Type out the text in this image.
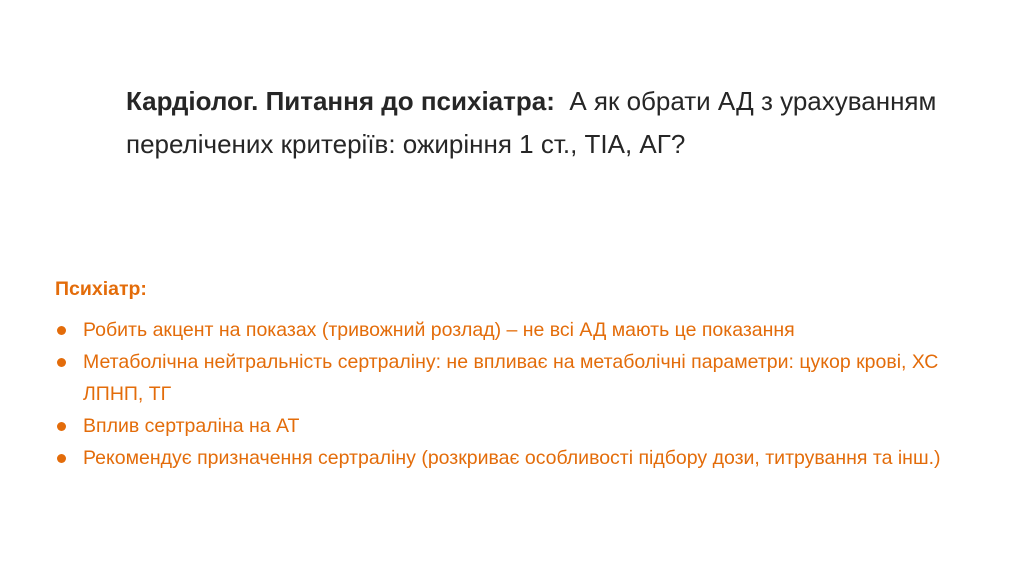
Кардіолог. Питання до психіатра: А як обрати АД з урахуванням перелічених критеріїв: ожиріння 1 ст., ТІА, АГ?
Психіатр:
Робить акцент на показах (тривожний розлад) – не всі АД мають це показання
Метаболічна нейтральність сертраліну: не впливає на метаболічні параметри: цукор крові, ХС ЛПНП, ТГ
Вплив сертраліна на АТ
Рекомендує призначення сертраліну (розкриває особливості підбору дози, титрування та інш.)
